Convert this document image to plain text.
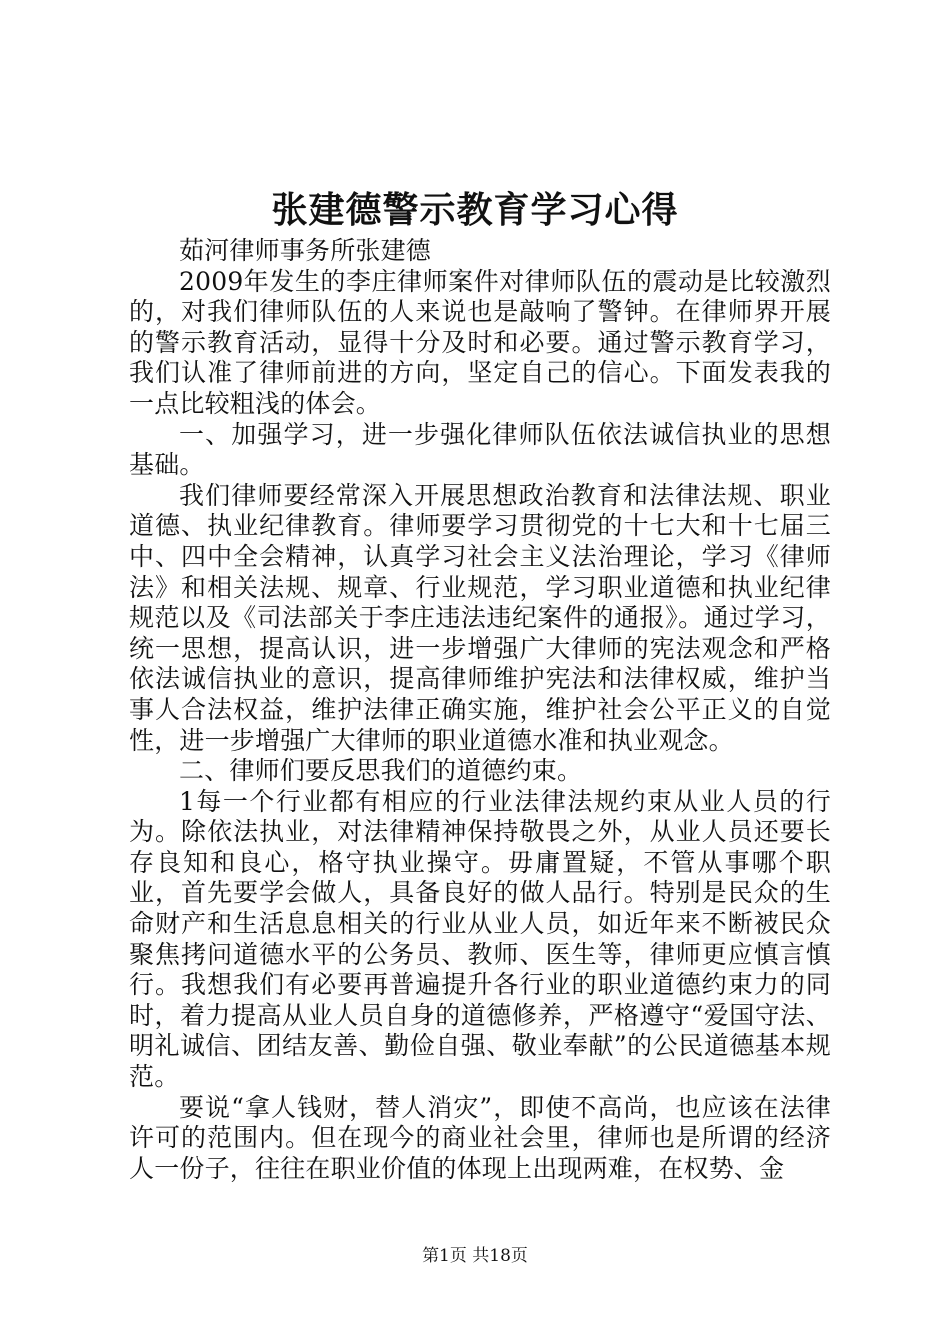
张建德警示教育学习心得

茹河律师事务所张建德

2009年发生的李庄律师案件对律师队伍的震动是比较激烈的，对我们律师队伍的人来说也是敲响了警钟。在律师界开展的警示教育活动，显得十分及时和必要。通过警示教育学习，我们认准了律师前进的方向，坚定自己的信心。下面发表我的一点比较粗浅的体会。

一、加强学习，进一步强化律师队伍依法诚信执业的思想基础。

我们律师要经常深入开展思想政治教育和法律法规、职业道德、执业纪律教育。律师要学习贯彻党的十七大和十七届三中、四中全会精神，认真学习社会主义法治理论，学习《律师法》和相关法规、规章、行业规范，学习职业道德和执业纪律规范以及《司法部关于李庄违法违纪案件的通报》。通过学习，统一思想，提高认识，进一步增强广大律师的宪法观念和严格依法诚信执业的意识，提高律师维护宪法和法律权威，维护当事人合法权益，维护法律正确实施，维护社会公平正义的自觉性，进一步增强广大律师的职业道德水准和执业观念。

二、律师们要反思我们的道德约束。

1每一个行业都有相应的行业法律法规约束从业人员的行为。除依法执业，对法律精神保持敬畏之外，从业人员还要长存良知和良心，格守执业操守。毋庸置疑，不管从事哪个职业，首先要学会做人，具备良好的做人品行。特别是民众的生命财产和生活息息相关的行业从业人员，如近年来不断被民众聚焦拷问道德水平的公务员、教师、医生等，律师更应慎言慎行。我想我们有必要再普遍提升各行业的职业道德约束力的同时，着力提高从业人员自身的道德修养，严格遵守“爱国守法、明礼诚信、团结友善、勤俭自强、敬业奉献”的公民道德基本规范。

要说“拿人钱财，替人消灾”，即使不高尚，也应该在法律许可的范围内。但在现今的商业社会里，律师也是所谓的经济人一份子，往往在职业价值的体现上出现两难，在权势、金

第1页 共18页
